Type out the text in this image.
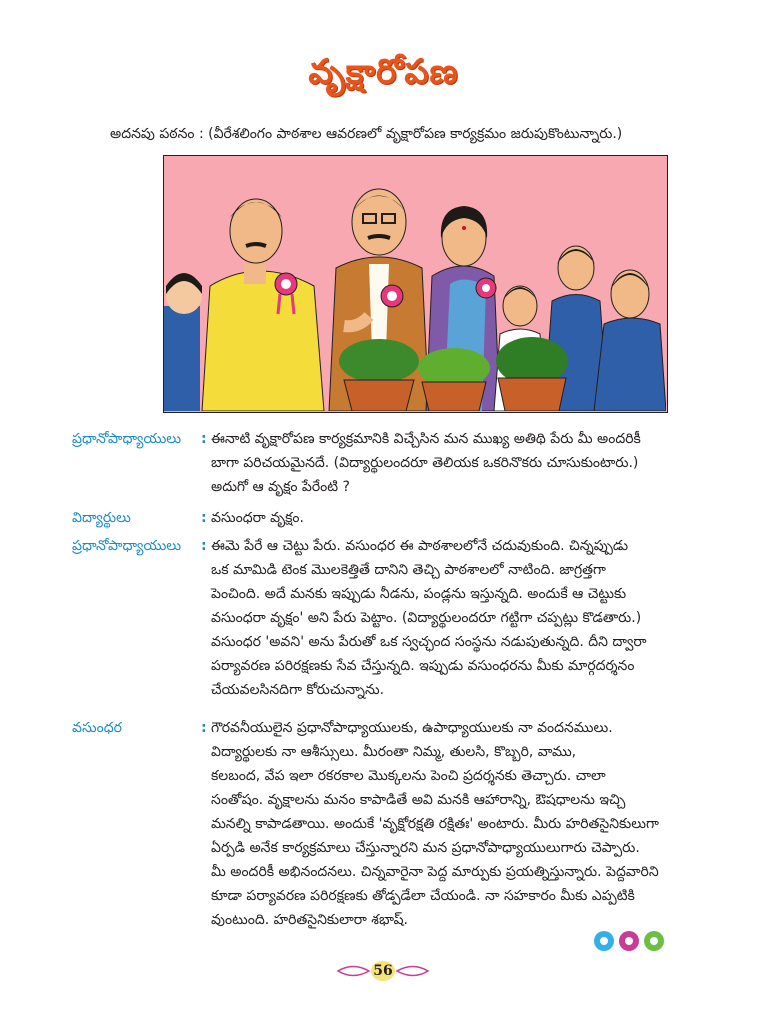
వృక్షారోపణ
అదనపు పఠనం : (వీరేశలింగం పాఠశాల ఆవరణలో వృక్షారోపణ కార్యక్రమం జరుపుకొంటున్నారు.)
ప్రధానోపాధ్యాయులు : ఈనాటి వృక్షారోపణ కార్యక్రమానికి విచ్చేసిన మన ముఖ్య అతిథి పేరు మీ అందరికీ
బాగా పరిచయమైనదే. (విద్యార్థులందరూ తెలియక ఒకరినొకరు చూసుకుంటారు.)
అదుగో ఆ వృక్షం పేరేంటి ?
విద్యార్థులు	: వసుంధరా వృక్షం.
ప్రధానోపాధ్యాయులు : ఈమె పేరే ఆ చెట్టు పేరు. వసుంధర ఈ పాఠశాలలోనే చదువుకుంది. చిన్నప్పుడు
ఒక మామిడి టెంక మొలకెత్తితే దానిని తెచ్చి పాఠశాలలో నాటింది. జాగ్రత్తగా
పెంచింది. అదే మనకు ఇప్పుడు నీడను, పండ్లను ఇస్తున్నది. అందుకే ఆ చెట్టుకు
వసుంధరా వృక్షం' అని పేరు పెట్టాం. (విద్యార్థులందరూ గట్టిగా చప్పట్లు కొడతారు.)
వసుంధర 'అవని' అను పేరుతో ఒక స్వచ్ఛంద సంస్థను నడుపుతున్నది. దీని ద్వారా
పర్యావరణ పరిరక్షణకు సేవ చేస్తున్నది. ఇప్పుడు వసుంధరను మీకు మార్గదర్శనం
చేయవలసినదిగా కోరుచున్నాను.
వసుంధర	: గౌరవనీయులైన ప్రధానోపాధ్యాయులకు, ఉపాధ్యాయులకు నా వందనములు.
విద్యార్థులకు నా ఆశీస్సులు. మీరంతా నిమ్మ, తులసి, కొబ్బరి, వాము,
కలబంద, వేప ఇలా రకరకాల మొక్కలను పెంచి ప్రదర్శనకు తెచ్చారు. చాలా
సంతోషం. వృక్షాలను మనం కాపాడితే అవి మనకి ఆహారాన్ని, ఔషధాలను ఇచ్చి
మనల్ని కాపాడతాయి. అందుకే 'వృక్షోరక్షతి రక్షితః' అంటారు. మీరు హరితసైనికులుగా
ఏర్పడి అనేక కార్యక్రమాలు చేస్తున్నారని మన ప్రధానోపాధ్యాయులుగారు చెప్పారు.
మీ అందరికీ అభినందనలు. చిన్నవారైనా పెద్ద మార్పుకు ప్రయత్నిస్తున్నారు. పెద్దవారిని
కూడా పర్యావరణ పరిరక్షణకు తోడ్పడేలా చేయండి. నా సహకారం మీకు ఎప్పటికి
వుంటుంది. హరితసైనికులారా శభాష్.
56
